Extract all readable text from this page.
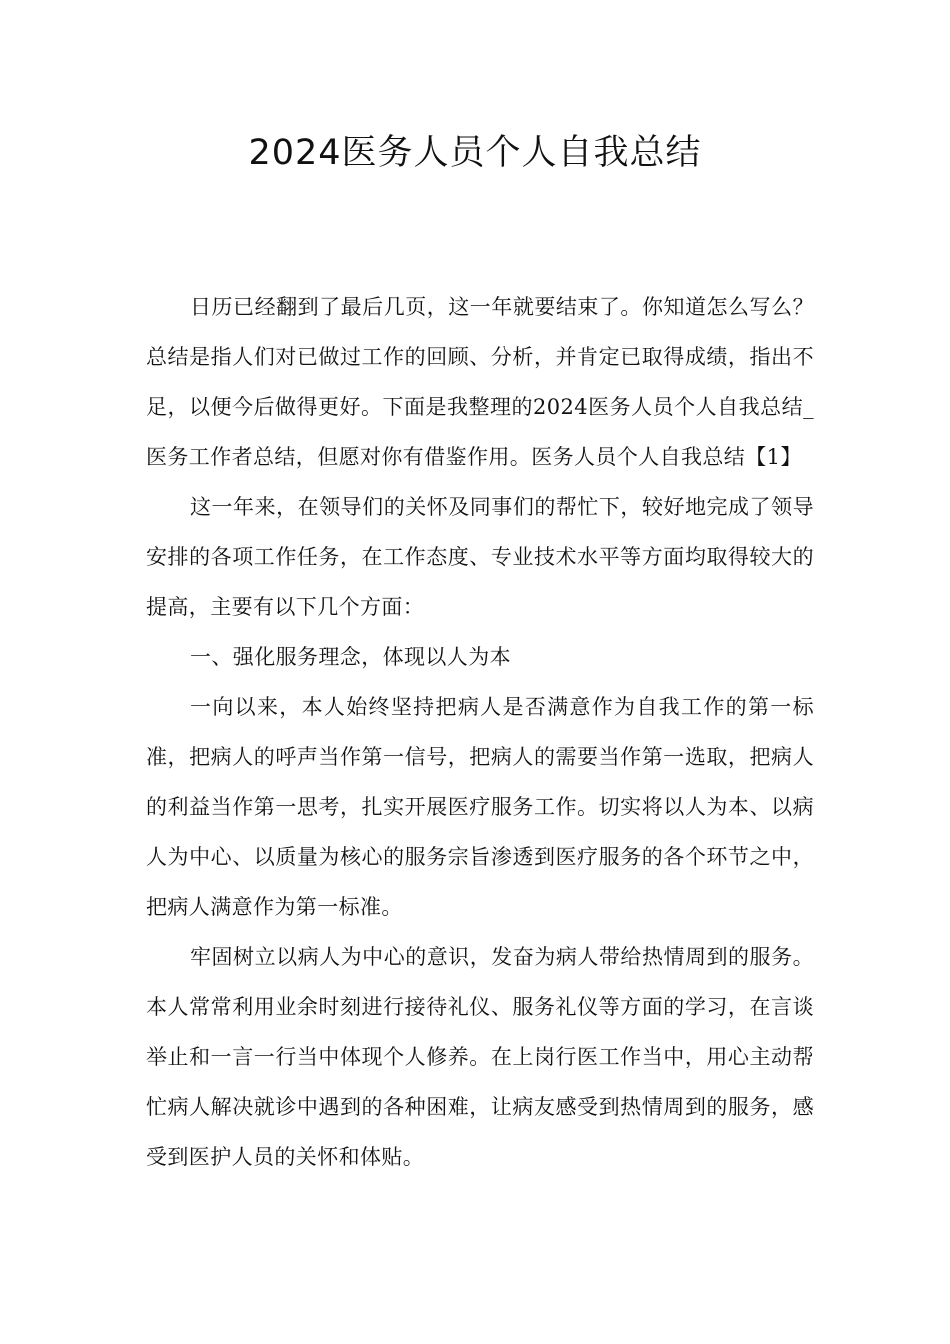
2024医务人员个人自我总结

日历已经翻到了最后几页，这一年就要结束了。你知道怎么写么？总结是指人们对已做过工作的回顾、分析，并肯定已取得成绩，指出不足，以便今后做得更好。下面是我整理的2024医务人员个人自我总结_医务工作者总结，但愿对你有借鉴作用。医务人员个人自我总结【1】

这一年来，在领导们的关怀及同事们的帮忙下，较好地完成了领导安排的各项工作任务，在工作态度、专业技术水平等方面均取得较大的提高，主要有以下几个方面：

一、强化服务理念，体现以人为本

一向以来，本人始终坚持把病人是否满意作为自我工作的第一标准，把病人的呼声当作第一信号，把病人的需要当作第一选取，把病人的利益当作第一思考，扎实开展医疗服务工作。切实将以人为本、以病人为中心、以质量为核心的服务宗旨渗透到医疗服务的各个环节之中，把病人满意作为第一标准。

牢固树立以病人为中心的意识，发奋为病人带给热情周到的服务。本人常常利用业余时刻进行接待礼仪、服务礼仪等方面的学习，在言谈举止和一言一行当中体现个人修养。在上岗行医工作当中，用心主动帮忙病人解决就诊中遇到的各种困难，让病友感受到热情周到的服务，感受到医护人员的关怀和体贴。
